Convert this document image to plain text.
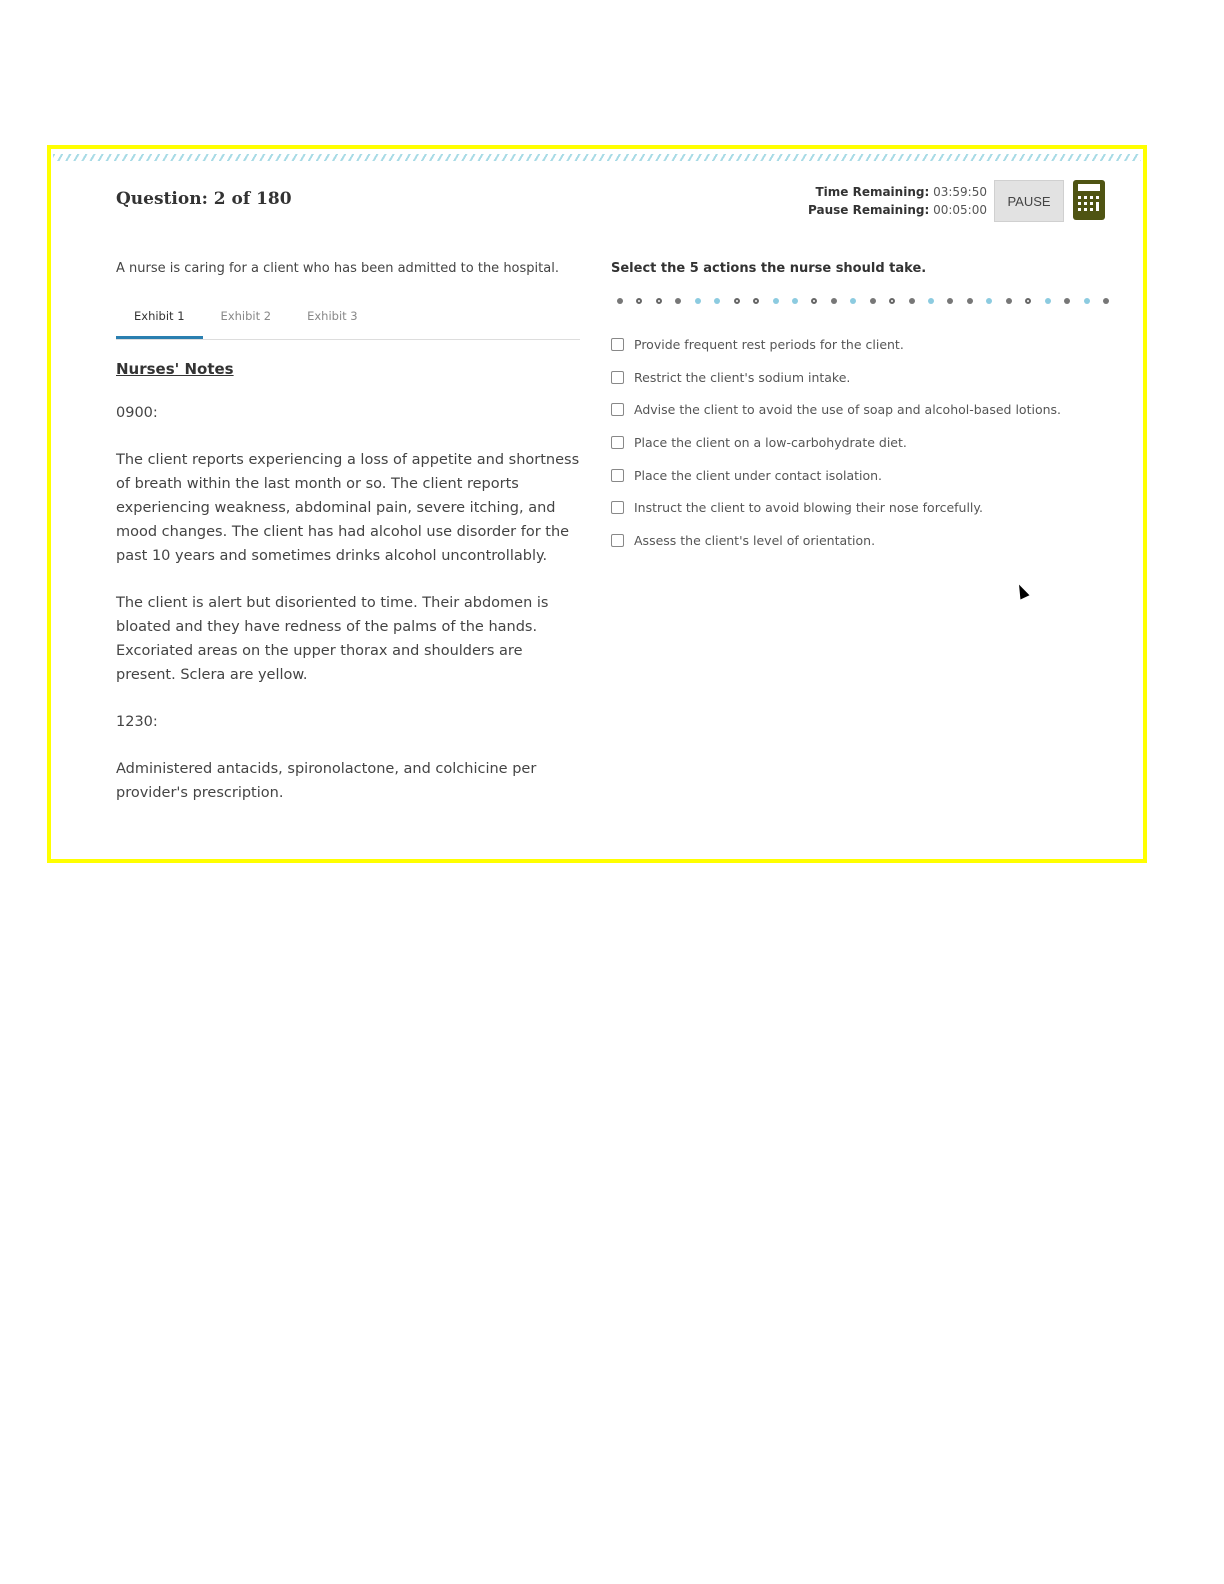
Question: 2 of 180	Time Remaining: 03:59:50
Pause Remaining: 00:05:00
PAUSE
A nurse is caring for a client who has been admitted to the hospital.
Exhibit 1	Exhibit 2	Exhibit 3
Nurses' Notes
0900:
The client reports experiencing a loss of appetite and shortness of breath within the last month or so. The client reports experiencing weakness, abdominal pain, severe itching, and mood changes. The client has had alcohol use disorder for the past 10 years and sometimes drinks alcohol uncontrollably.
The client is alert but disoriented to time. Their abdomen is bloated and they have redness of the palms of the hands. Excoriated areas on the upper thorax and shoulders are present. Sclera are yellow.
1230:
Administered antacids, spironolactone, and colchicine per provider's prescription.
Select the 5 actions the nurse should take.
Provide frequent rest periods for the client.
Restrict the client's sodium intake.
Advise the client to avoid the use of soap and alcohol-based lotions.
Place the client on a low-carbohydrate diet.
Place the client under contact isolation.
Instruct the client to avoid blowing their nose forcefully.
Assess the client's level of orientation.
